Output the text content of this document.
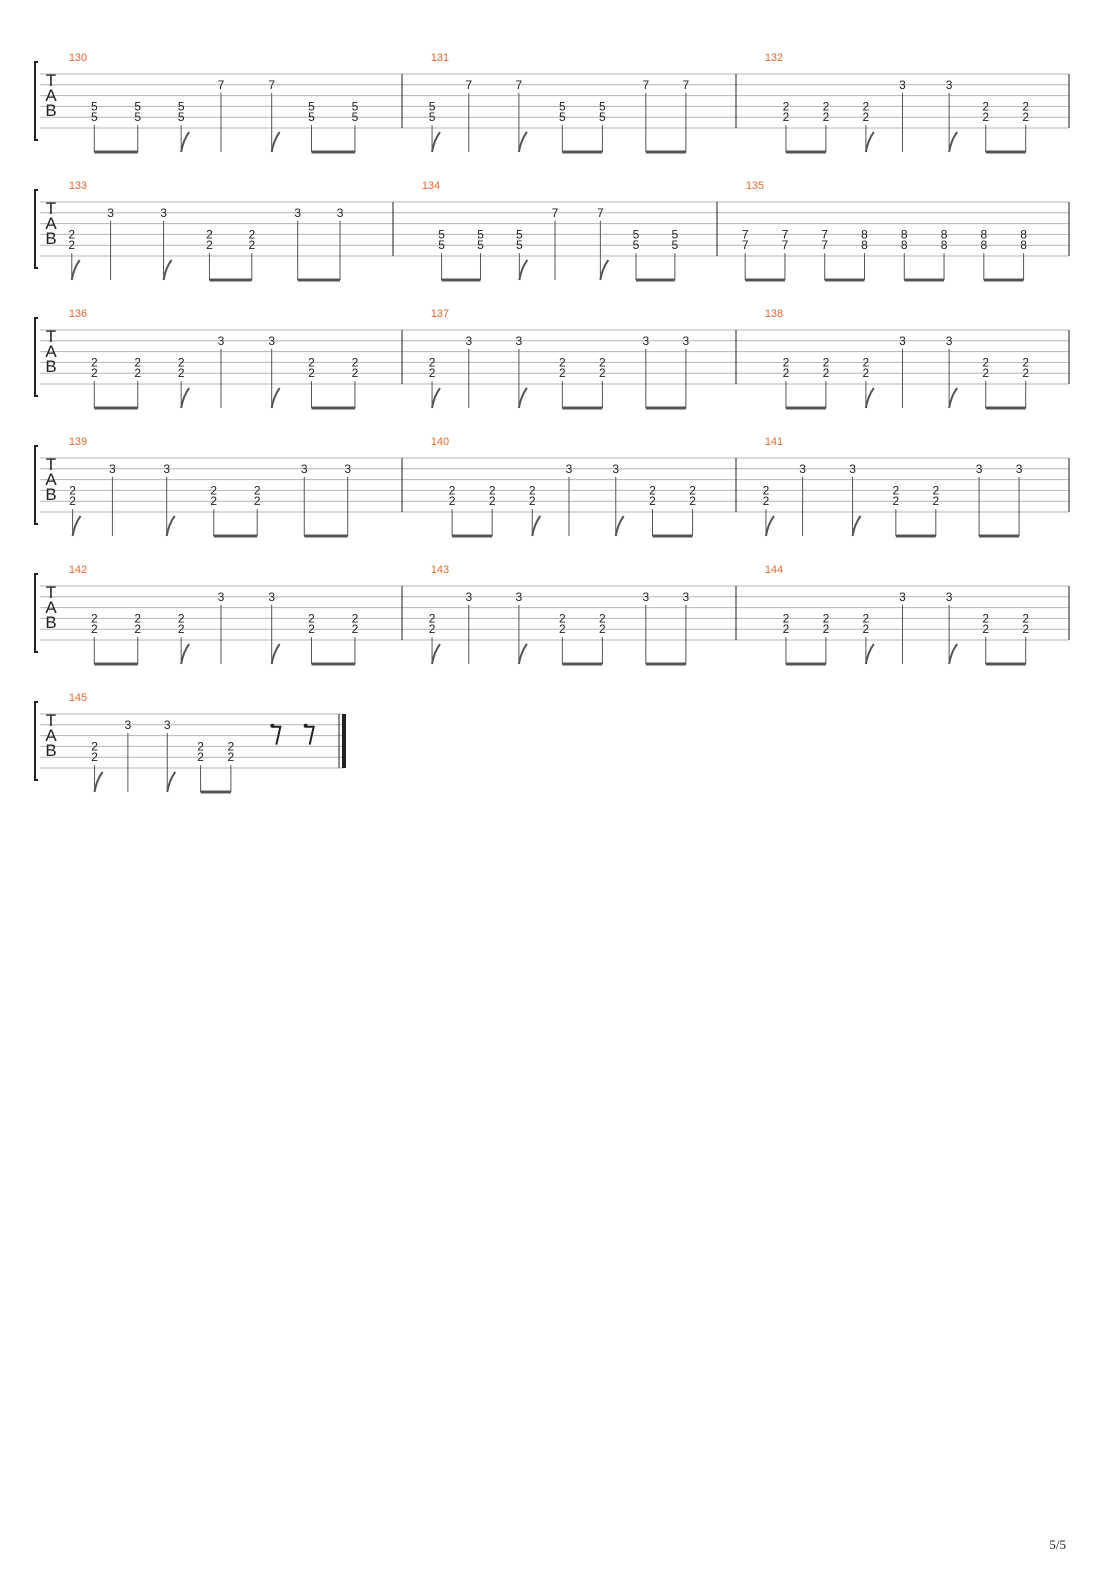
T
A
B
130
5
5
5
5
5
5
7	7
5
5
5
5
131
5
5
7	7
5
5
5
5
7	7
132
2
2
2
2
2
2
3	3
2
2
2
2
T
A
B
133
2
2
3	3
2
2
2
2
3	3
134
5
5
5
5
5
5
7	7
5
5
5
5
135
7
7
7
7
7
7
8
8
8
8
8
8
8
8
8
8
T
A
B
136
2
2
2
2
2
2
3	3
2
2
2
2
137
2
2
3	3
2
2
2
2
3	3
138
2
2
2
2
2
2
3	3
2
2
2
2
T
A
B
139
2
2
3	3
2
2
2
2
3	3
140
2
2
2
2
2
2
3	3
2
2
2
2
141
2
2
3	3
2
2
2
2
3	3
T
A
B
142
2
2
2
2
2
2
3	3
2
2
2
2
143
2
2
3	3
2
2
2
2
3	3
144
2
2
2
2
2
2
3	3
2
2
2
2
T
A
B
145
2
2
3	3
2
2
2
2
5/5
